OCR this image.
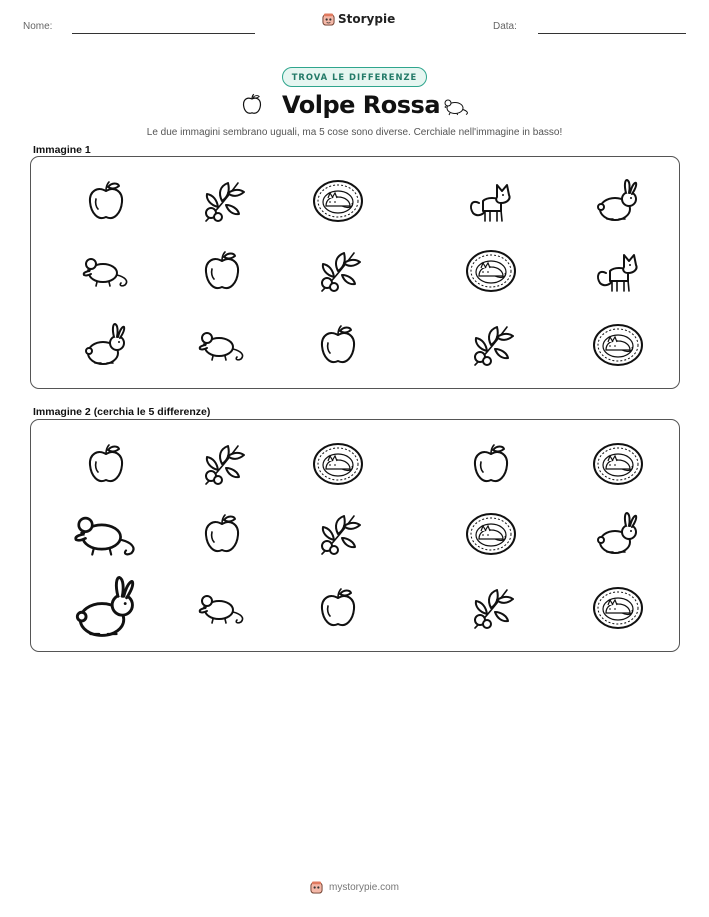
Nome:
Storypie
Data:
TROVA LE DIFFERENZE
Volpe Rossa
Le due immagini sembrano uguali, ma 5 cose sono diverse. Cerchiale nell'immagine in basso!
Immagine 1
Immagine 2 (cerchia le 5 differenze)
mystorypie.com
